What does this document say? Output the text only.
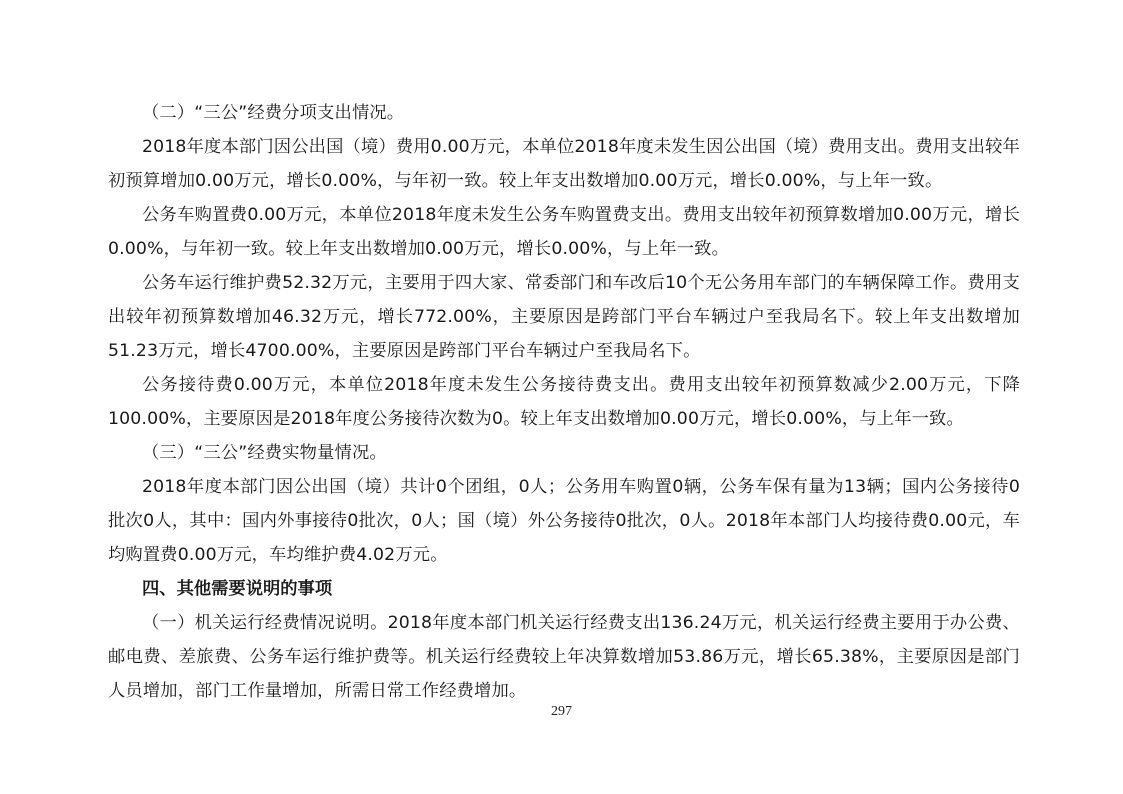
（二）“三公”经费分项支出情况。

2018年度本部门因公出国（境）费用0.00万元，本单位2018年度未发生因公出国（境）费用支出。费用支出较年初预算增加0.00万元，增长0.00%，与年初一致。较上年支出数增加0.00万元，增长0.00%，与上年一致。

公务车购置费0.00万元，本单位2018年度未发生公务车购置费支出。费用支出较年初预算数增加0.00万元，增长0.00%，与年初一致。较上年支出数增加0.00万元，增长0.00%，与上年一致。

公务车运行维护费52.32万元，主要用于四大家、常委部门和车改后10个无公务用车部门的车辆保障工作。费用支出较年初预算数增加46.32万元，增长772.00%，主要原因是跨部门平台车辆过户至我局名下。较上年支出数增加51.23万元，增长4700.00%，主要原因是跨部门平台车辆过户至我局名下。

公务接待费0.00万元，本单位2018年度未发生公务接待费支出。费用支出较年初预算数减少2.00万元，下降100.00%，主要原因是2018年度公务接待次数为0。较上年支出数增加0.00万元，增长0.00%，与上年一致。

（三）“三公”经费实物量情况。

2018年度本部门因公出国（境）共计0个团组，0人；公务用车购置0辆，公务车保有量为13辆；国内公务接待0批次0人，其中：国内外事接待0批次，0人；国（境）外公务接待0批次，0人。2018年本部门人均接待费0.00元，车均购置费0.00万元，车均维护费4.02万元。

四、其他需要说明的事项

（一）机关运行经费情况说明。2018年度本部门机关运行经费支出136.24万元，机关运行经费主要用于办公费、邮电费、差旅费、公务车运行维护费等。机关运行经费较上年决算数增加53.86万元，增长65.38%，主要原因是部门人员增加，部门工作量增加，所需日常工作经费增加。

297
